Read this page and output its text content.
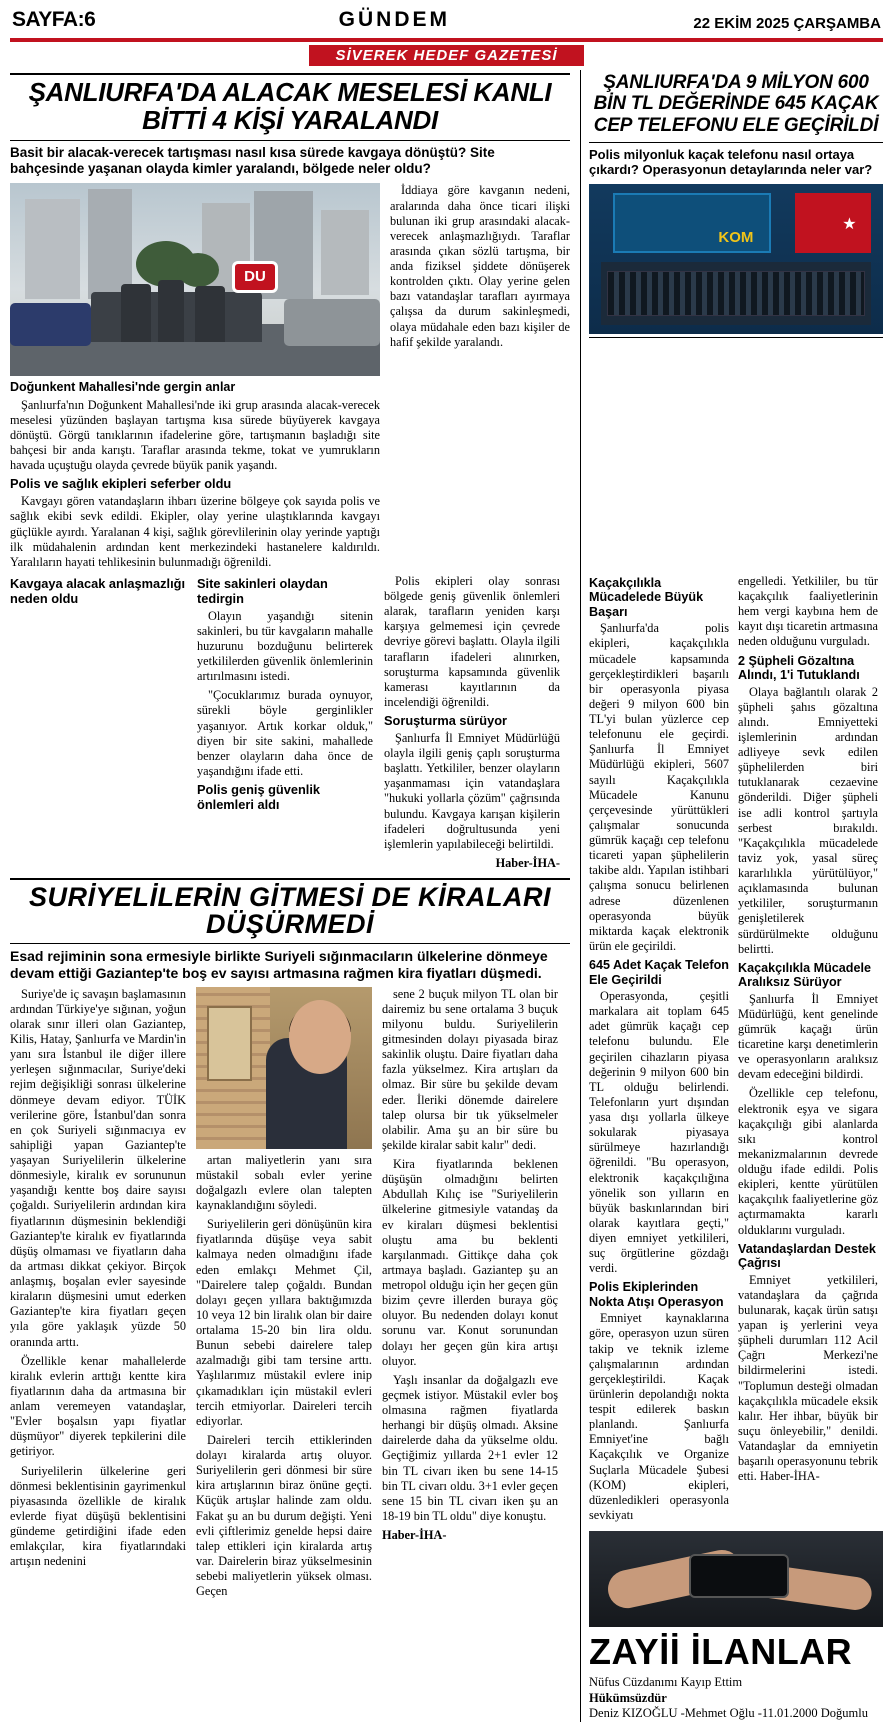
SAYFA:6	GÜNDEM	22 EKİM 2025 ÇARŞAMBA
SİVEREK HEDEF GAZETESİ
ŞANLIURFA'DA ALACAK MESELESİ KANLI BİTTİ 4 KİŞİ YARALANDI
Basit bir alacak-verecek tartışması nasıl kısa sürede kavgaya dönüştü? Site bahçesinde yaşanan olayda kimler yaralandı, bölgede neler oldu?
DU
Doğunkent Mahallesi'nde gergin anlar

Şanlıurfa'nın Doğunkent Mahallesi'nde iki grup arasında alacak-verecek meselesi yüzünden başlayan tartışma kısa sürede büyüyerek kavgaya dönüştü. Görgü tanıklarının ifadelerine göre, tartışmanın başladığı site bahçesi bir anda karıştı. Taraflar arasında tekme, tokat ve yumrukların havada uçuştuğu olayda çevrede büyük panik yaşandı.

Polis ve sağlık ekipleri seferber oldu

Kavgayı gören vatandaşların ihbarı üzerine bölgeye çok sayıda polis ve sağlık ekibi sevk edildi. Ekipler, olay yerine ulaştıklarında kavgayı güçlükle ayırdı. Yaralanan 4 kişi, sağlık görevlilerinin olay yerinde yaptığı ilk müdahalenin ardından kent merkezindeki hastanelere kaldırıldı. Yaralıların hayati tehlikesinin bulunmadığı öğrenildi.

İddiaya göre kavganın nedeni, aralarında daha önce ticari ilişki bulunan iki grup arasındaki alacak-verecek anlaşmazlığıydı. Taraflar arasında çıkan sözlü tartışma, bir anda fiziksel şiddete dönüşerek kontrolden çıktı. Olay yerine gelen bazı vatandaşlar tarafları ayırmaya çalışsa da durum sakinleşmedi, olaya müdahale eden bazı kişiler de hafif şekilde yaralandı.

ŞANLIURFA'DA 9 MİLYON 600 BİN TL DEĞERİNDE 645 KAÇAK CEP TELEFONU ELE GEÇİRİLDİ
Polis milyonluk kaçak telefonu nasıl ortaya çıkardı? Operasyonun detaylarında neler var?
KOM
★
Kavgaya alacak anlaşmazlığı neden oldu
Site sakinleri olaydan tedirgin

Olayın yaşandığı sitenin sakinleri, bu tür kavgaların mahalle huzurunu bozduğunu belirterek yetkililerden güvenlik önlemlerinin artırılmasını istedi.

"Çocuklarımız burada oynuyor, sürekli böyle gerginlikler yaşanıyor. Artık korkar olduk," diyen bir site sakini, mahallede benzer olayların daha önce de yaşandığını ifade etti.

Polis geniş güvenlik önlemleri aldı

Polis ekipleri olay sonrası bölgede geniş güvenlik önlemleri alarak, tarafların yeniden karşı karşıya gelmemesi için çevrede devriye görevi başlattı. Olayla ilgili tarafların ifadeleri alınırken, soruşturma kapsamında güvenlik kamerası kayıtlarının da incelendiği öğrenildi.

Soruşturma sürüyor

Şanlıurfa İl Emniyet Müdürlüğü olayla ilgili geniş çaplı soruşturma başlattı. Yetkililer, benzer olayların yaşanmaması için vatandaşlara "hukuki yollarla çözüm" çağrısında bulundu. Kavgaya karışan kişilerin ifadeleri doğrultusunda yeni işlemlerin yapılabileceği belirtildi.

Haber-İHA-

SURİYELİLERİN GİTMESİ DE KİRALARI DÜŞÜRMEDİ
Esad rejiminin sona ermesiyle birlikte Suriyeli sığınmacıların ülkelerine dönmeye devam ettiği Gaziantep'te boş ev sayısı artmasına rağmen kira fiyatları düşmedi.

Suriye'de iç savaşın başlamasının ardından Türkiye'ye sığınan, yoğun olarak sınır illeri olan Gaziantep, Kilis, Hatay, Şanlıurfa ve Mardin'in yanı sıra İstanbul ile diğer illere yerleşen sığınmacılar, Suriye'deki rejim değişikliği sonrası ülkelerine dönmeye devam ediyor. TÜİK verilerine göre, İstanbul'dan sonra en çok Suriyeli sığınmacıya ev sahipliği yapan Gaziantep'te yaşayan Suriyelilerin ülkelerine dönmesiyle, kiralık ev sorununun yaşandığı kentte boş daire sayısı çoğaldı. Suriyelilerin ardından kira fiyatlarının düşmesinin beklendiği Gaziantep'te kiralık ev fiyatlarında düşüş olmaması ve fiyatların daha da artması dikkat çekiyor. Birçok anlaşmış, boşalan evler sayesinde kiraların düşmesini umut ederken Gaziantep'te kira fiyatları geçen yıla göre yaklaşık yüzde 50 oranında arttı.

Özellikle kenar mahallelerde kiralık evlerin arttığı kentte kira fiyatlarının daha da artmasına bir anlam veremeyen vatandaşlar, "Evler boşalsın yapı fiyatlar düşmüyor" diyerek tepkilerini dile getiriyor.

Suriyelilerin ülkelerine geri dönmesi beklentisinin gayrimenkul piyasasında özellikle de kiralık evlerde fiyat düşüşü beklentisini gündeme getirdiğini ifade eden emlakçılar, kira fiyatlarındaki artışın nedenini

artan maliyetlerin yanı sıra müstakil sobalı evler yerine doğalgazlı evlere olan talepten kaynaklandığını söyledi.

Suriyelilerin geri dönüşünün kira fiyatlarında düşüşe veya sabit kalmaya neden olmadığını ifade eden emlakçı Mehmet Çil, "Dairelere talep çoğaldı. Bundan dolayı geçen yıllara baktığımızda 10 veya 12 bin liralık olan bir daire ortalama 15-20 bin lira oldu. Bunun sebebi dairelere talep azalmadığı gibi tam tersine arttı. Yaşlılarımız müstakil evlere inip çıkamadıkları için müstakil evleri tercih etmiyorlar. Daireleri tercih ediyorlar.

Daireleri tercih ettiklerinden dolayı kiralarda artış oluyor. Suriyelilerin geri dönmesi bir süre kira artışlarının biraz önüne geçti. Küçük artışlar halinde zam oldu. Fakat şu an bu durum değişti. Yeni evli çiftlerimiz genelde hepsi daire talep ettikleri için kiralarda artış var. Dairelerin biraz yükselmesinin sebebi maliyetlerin yüksek olması. Geçen

sene 2 buçuk milyon TL olan bir dairemiz bu sene ortalama 3 buçuk milyonu buldu. Suriyelilerin gitmesinden dolayı piyasada biraz sakinlik oluştu. Daire fiyatları daha fazla yükselmez. Kira artışları da olmaz. Bir süre bu şekilde devam eder. İleriki dönemde dairelere talep olursa bir tık yükselmeler olabilir. Ama şu an bir süre bu şekilde kiralar sabit kalır" dedi.

Kira fiyatlarında beklenen düşüşün olmadığını belirten Abdullah Kılıç ise "Suriyelilerin ülkelerine gitmesiyle vatandaş da ev kiraları düşmesi beklentisi oluştu ama bu beklenti karşılanmadı. Gittikçe daha çok artmaya başladı. Gaziantep şu an metropol olduğu için her geçen gün bizim çevre illerden buraya göç oluyor. Bu nedenden dolayı konut sorunu var. Konut sorunundan dolayı her geçen gün kira artışı oluyor.

Yaşlı insanlar da doğalgazlı eve geçmek istiyor. Müstakil evler boş olmasına rağmen fiyatlarda herhangi bir düşüş olmadı. Aksine dairelerde daha da yükselme oldu. Geçtiğimiz yıllarda 2+1 evler 12 bin TL civarı iken bu sene 14-15 bin TL civarı oldu. 3+1 evler geçen sene 15 bin TL civarı iken şu an 18-19 bin TL oldu" diye konuştu.

Haber-İHA-

Kaçakçılıkla Mücadelede Büyük Başarı

Şanlıurfa'da polis ekipleri, kaçakçılıkla mücadele kapsamında gerçekleştirdikleri başarılı bir operasyonla piyasa değeri 9 milyon 600 bin TL'yi bulan yüzlerce cep telefonunu ele geçirdi. Şanlıurfa İl Emniyet Müdürlüğü ekipleri, 5607 sayılı Kaçakçılıkla Mücadele Kanunu çerçevesinde yürüttükleri çalışmalar sonucunda gümrük kaçağı cep telefonu ticareti yapan şüphelilerin takibe aldı. Yapılan istihbari çalışma sonucu belirlenen adrese düzenlenen operasyonda büyük miktarda kaçak elektronik ürün ele geçirildi.

645 Adet Kaçak Telefon Ele Geçirildi

Operasyonda, çeşitli markalara ait toplam 645 adet gümrük kaçağı cep telefonu bulundu. Ele geçirilen cihazların piyasa değerinin 9 milyon 600 bin TL olduğu belirlendi. Telefonların yurt dışından yasa dışı yollarla ülkeye sokularak piyasaya sürülmeye hazırlandığı öğrenildi. "Bu operasyon, elektronik kaçakçılığına yönelik son yılların en büyük baskınlarından biri olarak kayıtlara geçti," diyen emniyet yetkilileri, suç örgütlerine gözdağı verdi.

Polis Ekiplerinden Nokta Atışı Operasyon

Emniyet kaynaklarına göre, operasyon uzun süren takip ve teknik izleme çalışmalarının ardından gerçekleştirildi. Kaçak ürünlerin depolandığı nokta tespit edilerek baskın planlandı. Şanlıurfa Emniyet'ine bağlı Kaçakçılık ve Organize Suçlarla Mücadele Şubesi (KOM) ekipleri, düzenledikleri operasyonla sevkiyatı

engelledi. Yetkililer, bu tür kaçakçılık faaliyetlerinin hem vergi kaybına hem de kayıt dışı ticaretin artmasına neden olduğunu vurguladı.

2 Şüpheli Gözaltına Alındı, 1'i Tutuklandı

Olaya bağlantılı olarak 2 şüpheli şahıs gözaltına alındı. Emniyetteki işlemlerinin ardından adliyeye sevk edilen şüphelilerden biri tutuklanarak cezaevine gönderildi. Diğer şüpheli ise adli kontrol şartıyla serbest bırakıldı. "Kaçakçılıkla mücadelede taviz yok, yasal süreç kararlılıkla yürütülüyor," açıklamasında bulunan yetkililer, soruşturmanın genişletilerek sürdürülmekte olduğunu belirtti.

Kaçakçılıkla Mücadele Aralıksız Sürüyor

Şanlıurfa İl Emniyet Müdürlüğü, kent genelinde gümrük kaçağı ürün ticaretine karşı denetimlerin ve operasyonların aralıksız devam edeceğini bildirdi.

Özellikle cep telefonu, elektronik eşya ve sigara kaçakçılığı gibi alanlarda sıkı kontrol mekanizmalarının devrede olduğu ifade edildi. Polis ekipleri, kentte yürütülen kaçakçılık faaliyetlerine göz açtırmamakta kararlı olduklarını vurguladı.

Vatandaşlardan Destek Çağrısı

Emniyet yetkilileri, vatandaşlara da çağrıda bulunarak, kaçak ürün satışı yapan iş yerlerini veya şüpheli durumları 112 Acil Çağrı Merkezi'ne bildirmelerini istedi. "Toplumun desteği olmadan kaçakçılıkla mücadele eksik kalır. Her ihbar, büyük bir suçu önleyebilir," denildi. Vatandaşlar da emniyetin başarılı operasyonunu tebrik etti. Haber-İHA-

ZAYİİ İLANLAR
Nüfus Cüzdanımı Kayıp Ettim
Hükümsüzdür
Deniz KIZOĞLU -Mehmet Oğlu -11.01.2000 Doğumlu
